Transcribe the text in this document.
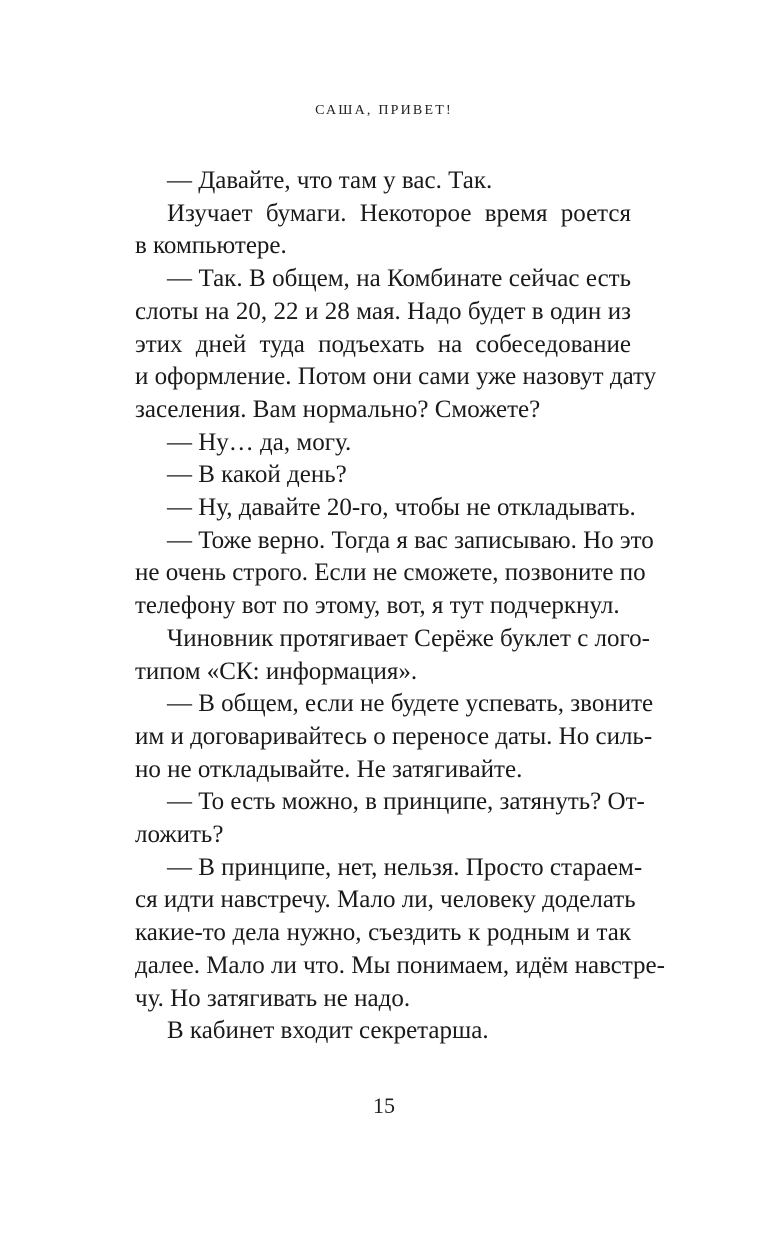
САША, ПРИВЕТ!
— Давайте, что там у вас. Так.
Изучает бумаги. Некоторое время роется
в компьютере.
— Так. В общем, на Комбинате сейчас есть
слоты на 20, 22 и 28 мая. Надо будет в один из
этих дней туда подъехать на собеседование
и оформление. Потом они сами уже назовут дату
заселения. Вам нормально? Сможете?
— Ну… да, могу.
— В какой день?
— Ну, давайте 20-го, чтобы не откладывать.
— Тоже верно. Тогда я вас записываю. Но это
не очень строго. Если не сможете, позвоните по
телефону вот по этому, вот, я тут подчеркнул.
Чиновник протягивает Серёже буклет с лого-
типом «СК: информация».
— В общем, если не будете успевать, звоните
им и договаривайтесь о переносе даты. Но силь-
но не откладывайте. Не затягивайте.
— То есть можно, в принципе, затянуть? От-
ложить?
— В принципе, нет, нельзя. Просто стараем-
ся идти навстречу. Мало ли, человеку доделать
какие-то дела нужно, съездить к родным и так
далее. Мало ли что. Мы понимаем, идём навстре-
чу. Но затягивать не надо.
В кабинет входит секретарша.
15
